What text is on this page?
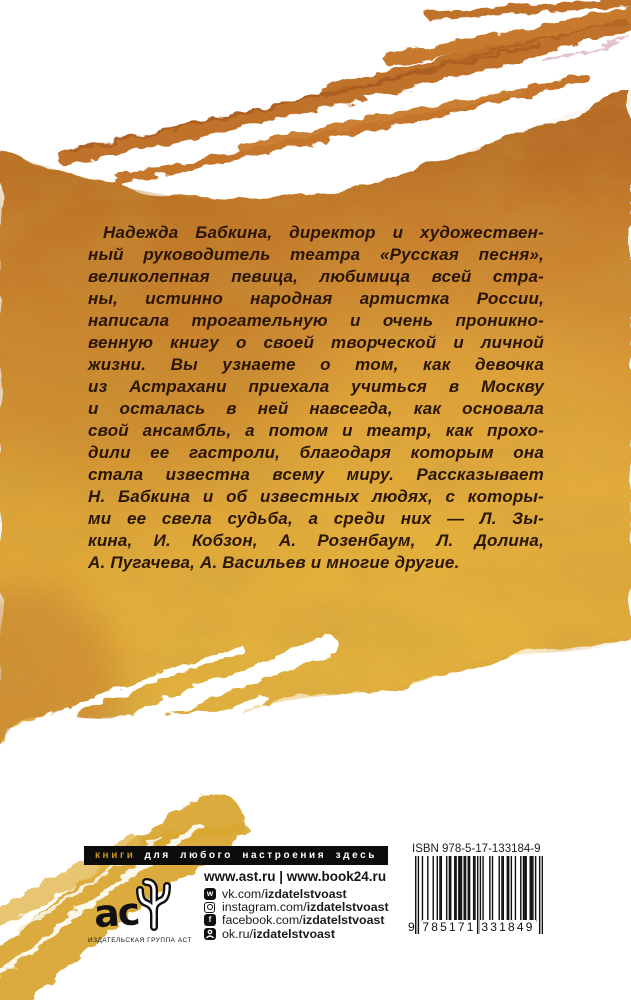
Надежда Бабкина, директор и художествен-
ный руководитель театра «Русская песня»,
великолепная певица, любимица всей стра-
ны, истинно народная артистка России,
написала трогательную и очень проникно-
венную книгу о своей творческой и личной
жизни. Вы узнаете о том, как девочка
из Астрахани приехала учиться в Москву
и осталась в ней навсегда, как основала
свой ансамбль, а потом и театр, как прохо-
дили ее гастроли, благодаря которым она
стала известна всему миру. Рассказывает
Н. Бабкина и об известных людях, с которы-
ми ее свела судьба, а среди них — Л. Зы-
кина, И. Кобзон, А. Розенбаум, Л. Долина,
А. Пугачева, А. Васильев и многие другие.
книги для любого настроения здесь
ISBN 978-5-17-133184-9
9 785171 331849
www.ast.ru | www.book24.ru
w vk.com/ izdatelstvoast
instagram.com/ izdatelstvoast
f facebook.com/ izdatelstvoast
ok.ru/ izdatelstvoast
ас
ИЗДАТЕЛЬСКАЯ ГРУППА АСТ
